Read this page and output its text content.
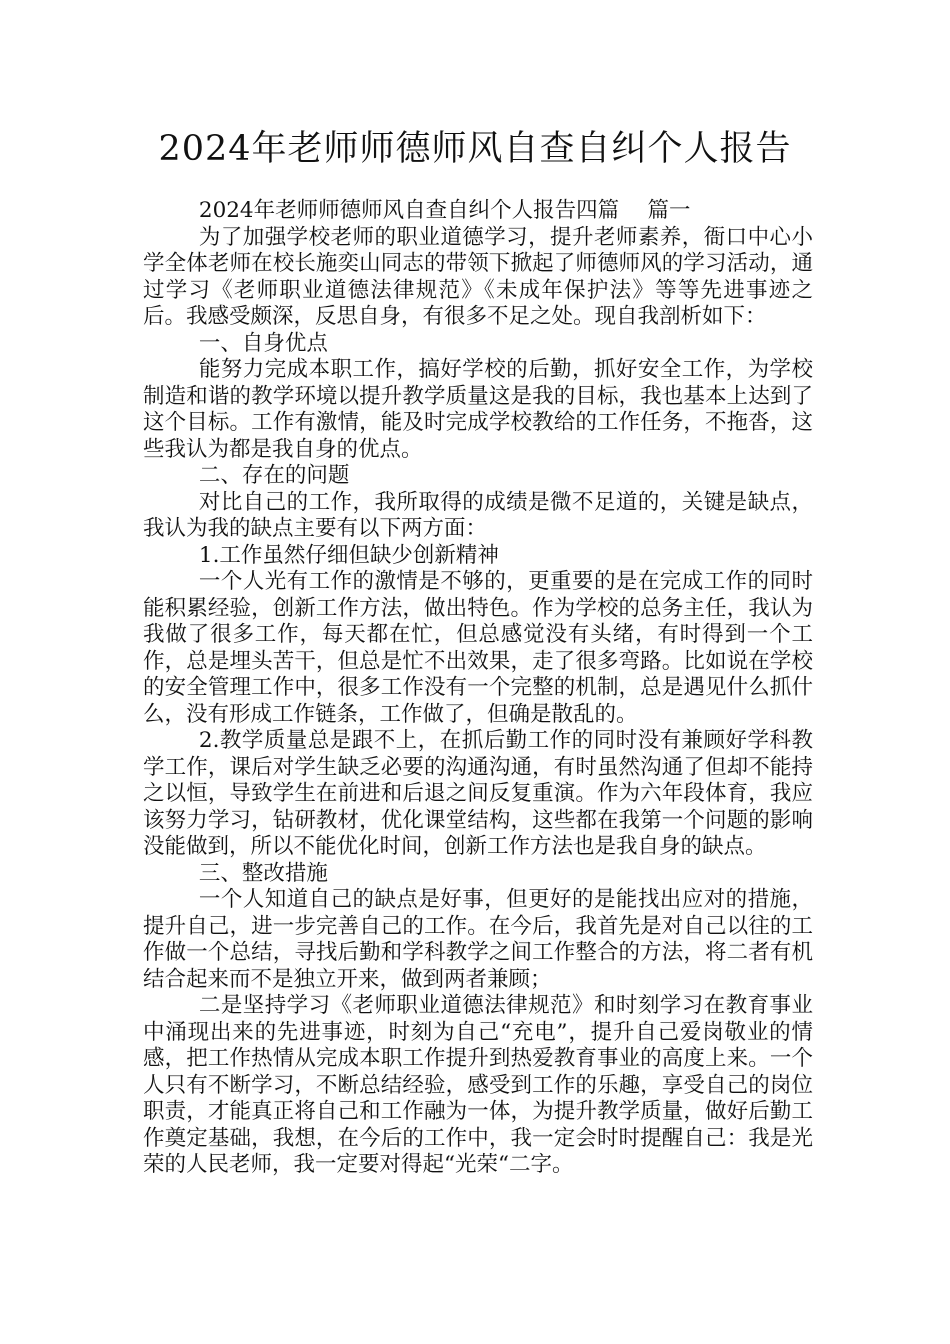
2024年老师师德师风自查自纠个人报告

2024年老师师德师风自查自纠个人报告四篇　 篇一

为了加强学校老师的职业道德学习，提升老师素养，衙口中心小学全体老师在校长施奕山同志的带领下掀起了师德师风的学习活动，通过学习《老师职业道德法律规范》《未成年保护法》等等先进事迹之后。我感受颇深，反思自身，有很多不足之处。现自我剖析如下：

一、自身优点

能努力完成本职工作，搞好学校的后勤，抓好安全工作，为学校制造和谐的教学环境以提升教学质量这是我的目标，我也基本上达到了这个目标。工作有激情，能及时完成学校教给的工作任务，不拖沓，这些我认为都是我自身的优点。

二、存在的问题

对比自己的工作，我所取得的成绩是微不足道的，关键是缺点，我认为我的缺点主要有以下两方面：

1.工作虽然仔细但缺少创新精神

一个人光有工作的激情是不够的，更重要的是在完成工作的同时能积累经验，创新工作方法，做出特色。作为学校的总务主任，我认为我做了很多工作，每天都在忙，但总感觉没有头绪，有时得到一个工作，总是埋头苦干，但总是忙不出效果，走了很多弯路。比如说在学校的安全管理工作中，很多工作没有一个完整的机制，总是遇见什么抓什么，没有形成工作链条，工作做了，但确是散乱的。

2.教学质量总是跟不上，在抓后勤工作的同时没有兼顾好学科教学工作，课后对学生缺乏必要的沟通沟通，有时虽然沟通了但却不能持之以恒，导致学生在前进和后退之间反复重演。作为六年段体育，我应该努力学习，钻研教材，优化课堂结构，这些都在我第一个问题的影响没能做到，所以不能优化时间，创新工作方法也是我自身的缺点。

三、整改措施

一个人知道自己的缺点是好事，但更好的是能找出应对的措施，提升自己，进一步完善自己的工作。在今后，我首先是对自己以往的工作做一个总结，寻找后勤和学科教学之间工作整合的方法，将二者有机结合起来而不是独立开来，做到两者兼顾；

二是坚持学习《老师职业道德法律规范》和时刻学习在教育事业中涌现出来的先进事迹，时刻为自己“充电”，提升自己爱岗敬业的情感，把工作热情从完成本职工作提升到热爱教育事业的高度上来。一个人只有不断学习，不断总结经验，感受到工作的乐趣，享受自己的岗位职责，才能真正将自己和工作融为一体，为提升教学质量，做好后勤工作奠定基础，我想，在今后的工作中，我一定会时时提醒自己：我是光荣的人民老师，我一定要对得起“光荣“二字。
